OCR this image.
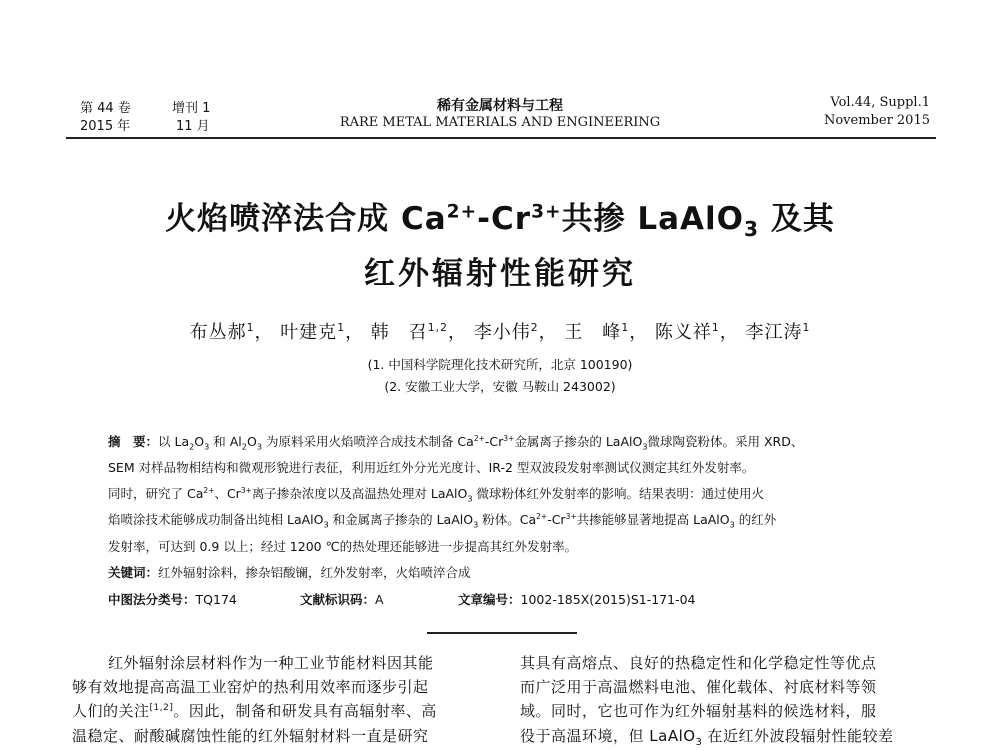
第 44 卷	增刊 1
2015 年	11 月
稀有金属材料与工程
RARE METAL MATERIALS AND ENGINEERING
Vol.44, Suppl.1
November 2015
火焰喷淬法合成 $Ca^{2+}-Cr^{3+}$共掺 LaAlO$_3$ 及其
红外辐射性能研究
布丛郝$^1$， 叶建克$^1$， 韩　召$^{1,2}$， 李小伟$^2$， 王　峰$^1$， 陈义祥$^1$， 李江涛$^1$
(1. 中国科学院理化技术研究所，北京 100190)
(2. 安徽工业大学，安徽 马鞍山 243002)
摘　要：以 $La_2O_3$ 和 $Al_2O_3$ 为原料采用火焰喷淬合成技术制备 $Ca^{2+}-Cr^{3+}$金属离子掺杂的 LaAlO$_3$微球陶瓷粉体。采用 XRD、
SEM 对样品物相结构和微观形貌进行表征，利用近红外分光光度计、IR-2 型双波段发射率测试仪测定其红外发射率。
同时，研究了 $Ca^{2+}$、$Cr^{3+}$离子掺杂浓度以及高温热处理对 LaAlO$_3$ 微球粉体红外发射率的影响。结果表明：通过使用火
焰喷涂技术能够成功制备出纯相 LaAlO$_3$ 和金属离子掺杂的 LaAlO$_3$ 粉体。$Ca^{2+}-Cr^{3+}$共掺能够显著地提高 LaAlO$_3$ 的红外
发射率，可达到 0.9 以上；经过 1200 ℃的热处理还能够进一步提高其红外发射率。
关键词：红外辐射涂料，掺杂铝酸镧，红外发射率，火焰喷淬合成
中图法分类号：TQ174	文献标识码：A	文章编号：1002-185X(2015)S1-171-04
红外辐射涂层材料作为一种工业节能材料因其能
够有效地提高高温工业窑炉的热利用效率而逐步引起
人们的关注[1,2]。因此，制备和研发具有高辐射率、高
温稳定、耐酸碱腐蚀性能的红外辐射材料一直是研究
其具有高熔点、良好的热稳定性和化学稳定性等优点
而广泛用于高温燃料电池、催化载体、衬底材料等领
域。同时，它也可作为红外辐射基料的候选材料，服
役于高温环境，但 LaAlO$_3$ 在近红外波段辐射性能较差
